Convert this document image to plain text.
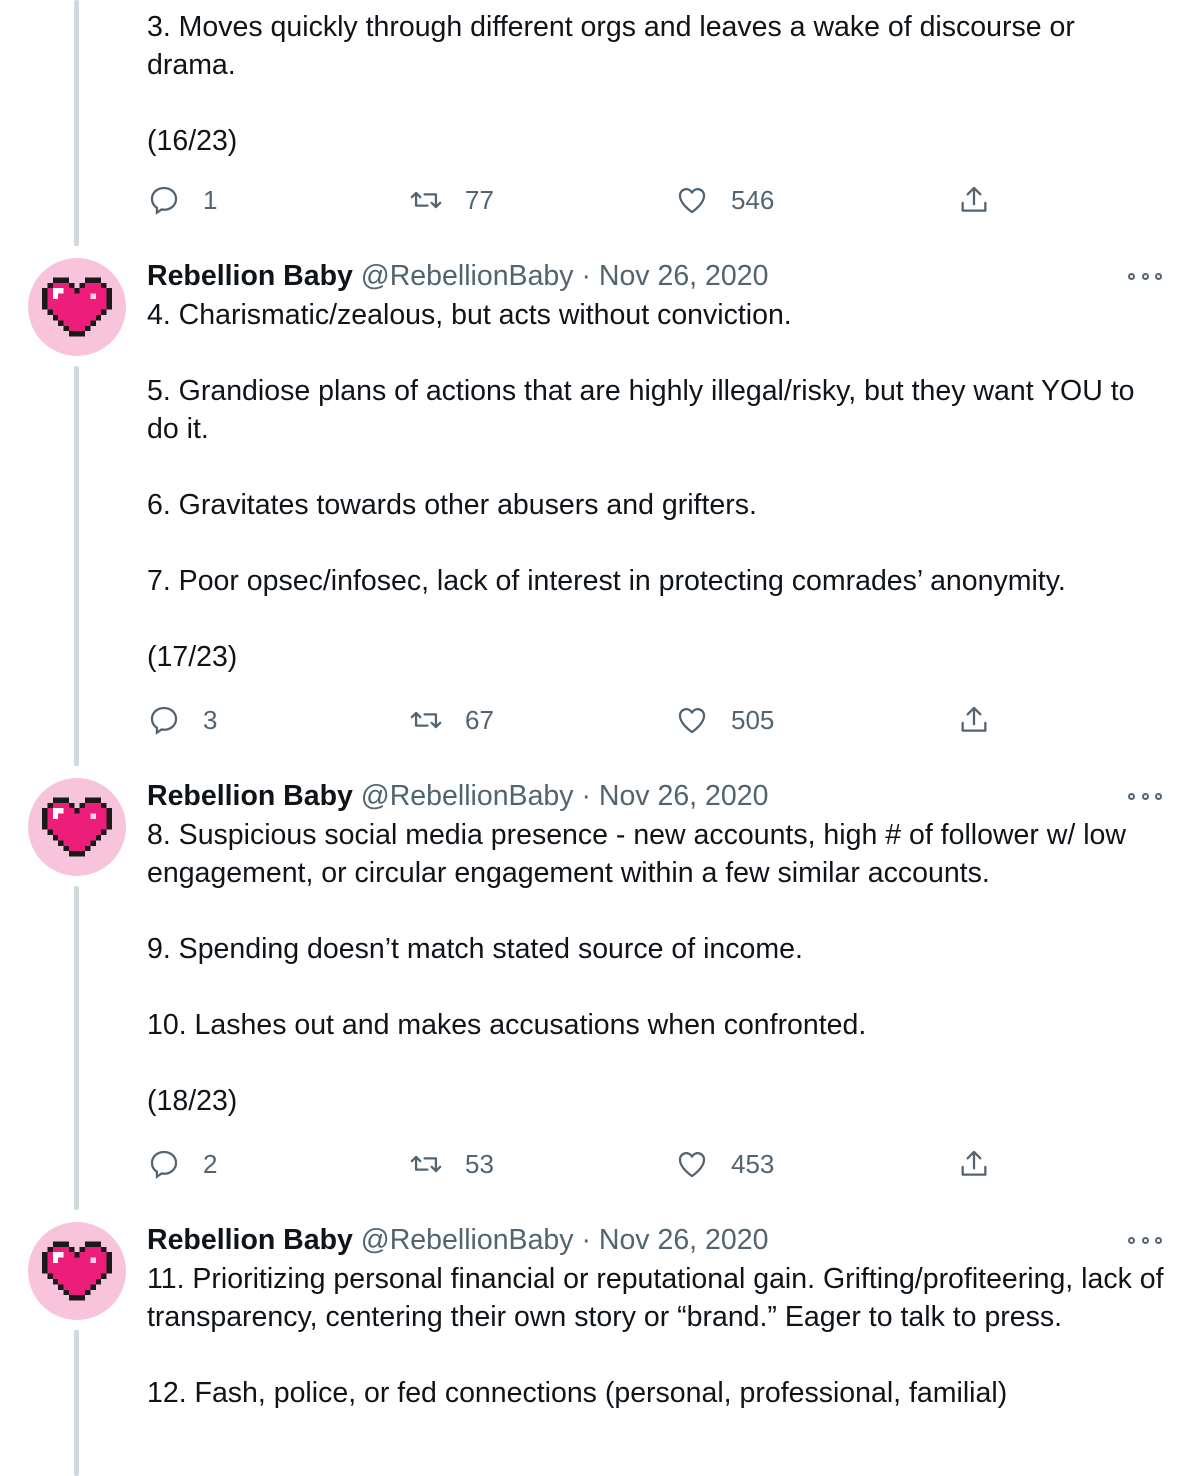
3. Moves quickly through different orgs and leaves a wake of discourse or drama.

(16/23)

1	77	546
Rebellion Baby @RebellionBaby · Nov 26, 2020

4. Charismatic/zealous, but acts without conviction.

5. Grandiose plans of actions that are highly illegal/risky, but they want YOU to do it.

6. Gravitates towards other abusers and grifters.

7. Poor opsec/infosec, lack of interest in protecting comrades’ anonymity.

(17/23)

3	67	505
Rebellion Baby @RebellionBaby · Nov 26, 2020

8. Suspicious social media presence - new accounts, high # of follower w/ low engagement, or circular engagement within a few similar accounts.

9. Spending doesn’t match stated source of income.

10. Lashes out and makes accusations when confronted.

(18/23)

2	53	453
Rebellion Baby @RebellionBaby · Nov 26, 2020

11. Prioritizing personal financial or reputational gain. Grifting/profiteering, lack of transparency, centering their own story or “brand.” Eager to talk to press.

12. Fash, police, or fed connections (personal, professional, familial)
